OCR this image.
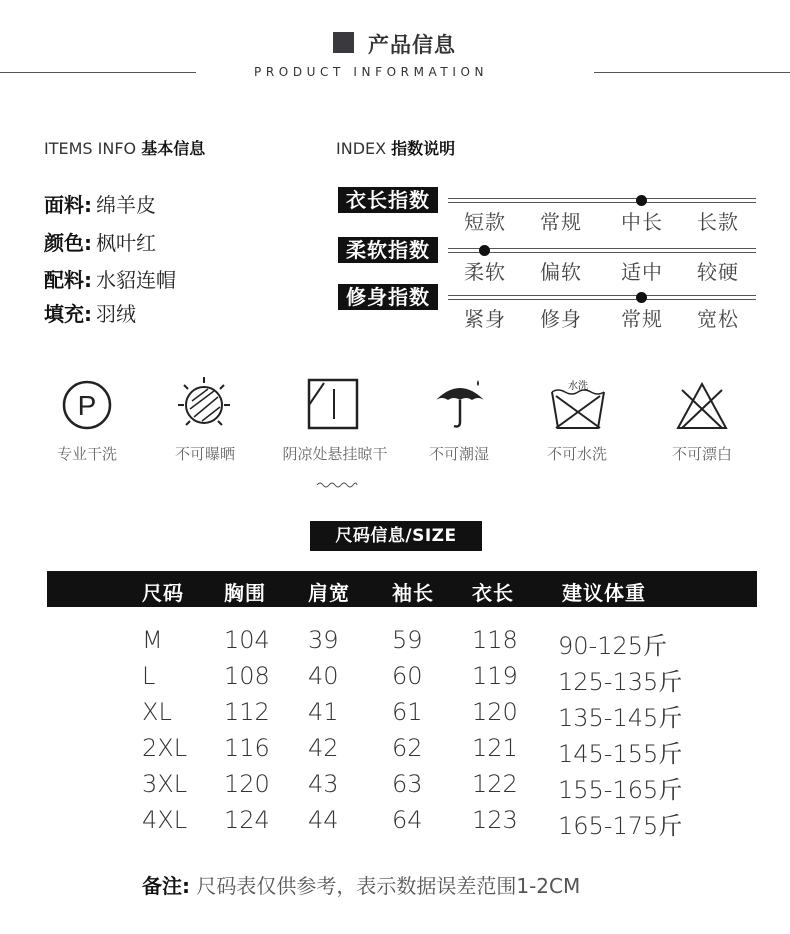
产品信息
PRODUCT INFORMATION
ITEMS INFO 基本信息
面料: 绵羊皮
颜色: 枫叶红
配料: 水貂连帽
填充: 羽绒
INDEX 指数说明
衣长指数
短款 常规 中长 长款
柔软指数
柔软 偏软 适中 较硬
修身指数
紧身 修身 常规 宽松
P
水洗
专业干洗	不可曝晒	阴凉处悬挂晾干	不可潮湿	不可水洗	不可漂白
尺码信息/SIZE
尺码 胸围 肩宽 袖长 衣长 建议体重
M	104 39 59 118 90-125斤
L	108 40 60 119 125-135斤
XL 112 41 61 120 135-145斤
2XL 116 42 62 121 145-155斤
3XL 120 43 63 122 155-165斤
4XL 124 44 64 123 165-175斤
备注: 尺码表仅供参考，表示数据误差范围1-2CM
